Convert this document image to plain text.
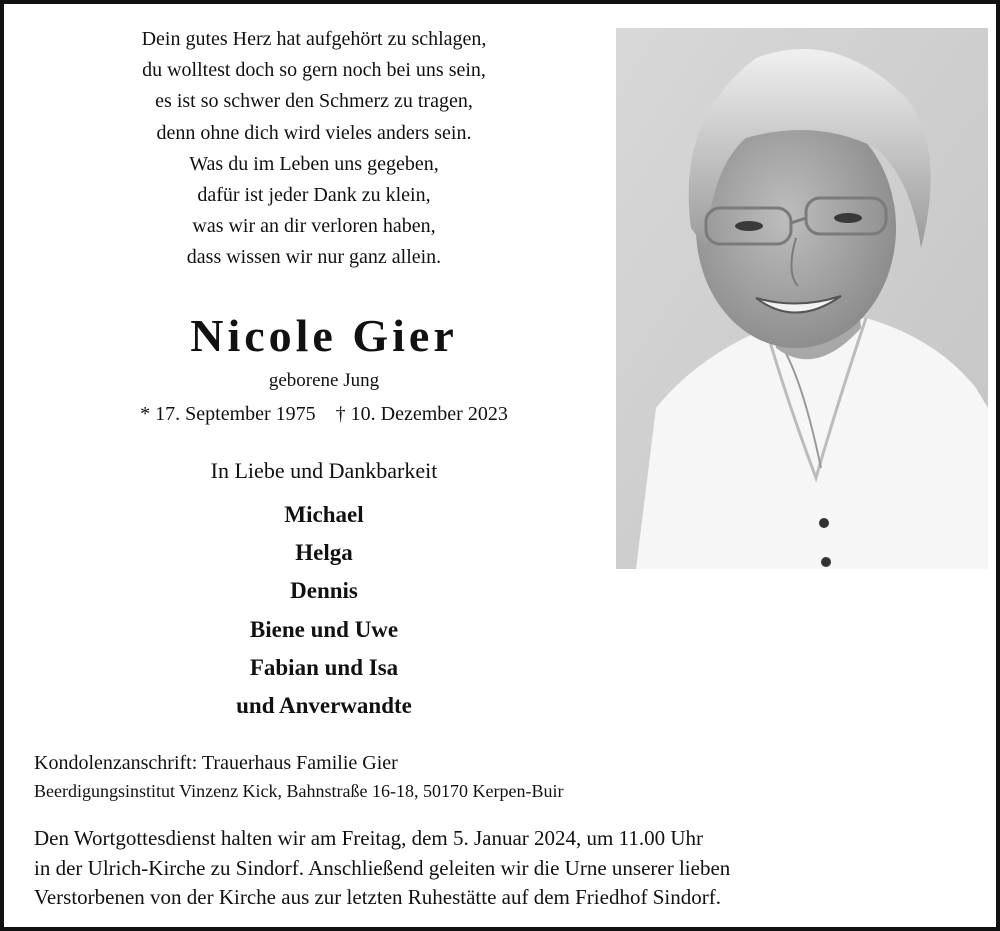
Dein gutes Herz hat aufgehört zu schlagen,
du wolltest doch so gern noch bei uns sein,
es ist so schwer den Schmerz zu tragen,
denn ohne dich wird vieles anders sein.
Was du im Leben uns gegeben,
dafür ist jeder Dank zu klein,
was wir an dir verloren haben,
dass wissen wir nur ganz allein.
Nicole Gier
geborene Jung
* 17. September 1975 † 10. Dezember 2023
In Liebe und Dankbarkeit
Michael
Helga
Dennis
Biene und Uwe
Fabian und Isa
und Anverwandte
Kondolenzanschrift: Trauerhaus Familie Gier
Beerdigungsinstitut Vinzenz Kick, Bahnstraße 16-18, 50170 Kerpen-Buir
Den Wortgottesdienst halten wir am Freitag, dem 5. Januar 2024, um 11.00 Uhr
in der Ulrich-Kirche zu Sindorf. Anschließend geleiten wir die Urne unserer lieben
Verstorbenen von der Kirche aus zur letzten Ruhestätte auf dem Friedhof Sindorf.
